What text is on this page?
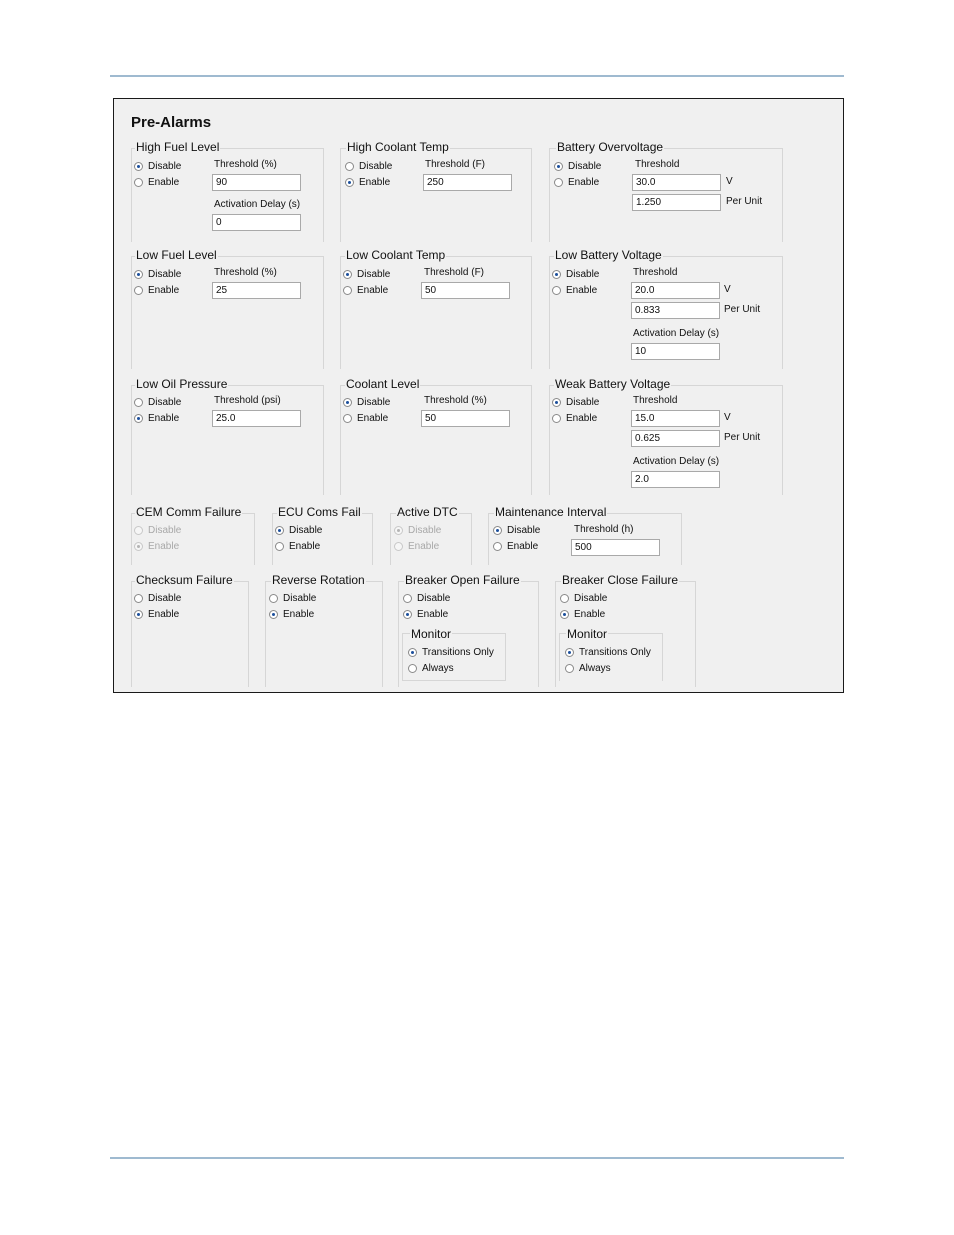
Pre-Alarms
High Fuel Level
Disable
Enable
Threshold (%)
90
Activation Delay (s)
0
High Coolant Temp
Disable
Enable
Threshold (F)
250
Battery Overvoltage
Disable
Enable
Threshold
30.0	V
1.250	Per Unit
Low Fuel Level
Disable
Enable
Threshold (%)
25
Low Coolant Temp
Disable
Enable
Threshold (F)
50
Low Battery Voltage
Disable
Enable
Threshold
20.0	V
0.833	Per Unit
Activation Delay (s)
10
Low Oil Pressure
Disable
Enable
Threshold (psi)
25.0
Coolant Level
Disable
Enable
Threshold (%)
50
Weak Battery Voltage
Disable
Enable
Threshold
15.0	V
0.625	Per Unit
Activation Delay (s)
2.0
CEM Comm Failure
Disable
Enable
ECU Coms Fail
Disable
Enable
Active DTC
Disable
Enable
Maintenance Interval
Disable
Enable
Threshold (h)
500
Checksum Failure
Disable
Enable
Reverse Rotation
Disable
Enable
Breaker Open Failure
Disable
Enable
Monitor
Transitions Only
Always
Breaker Close Failure
Disable
Enable
Monitor
Transitions Only
Always
